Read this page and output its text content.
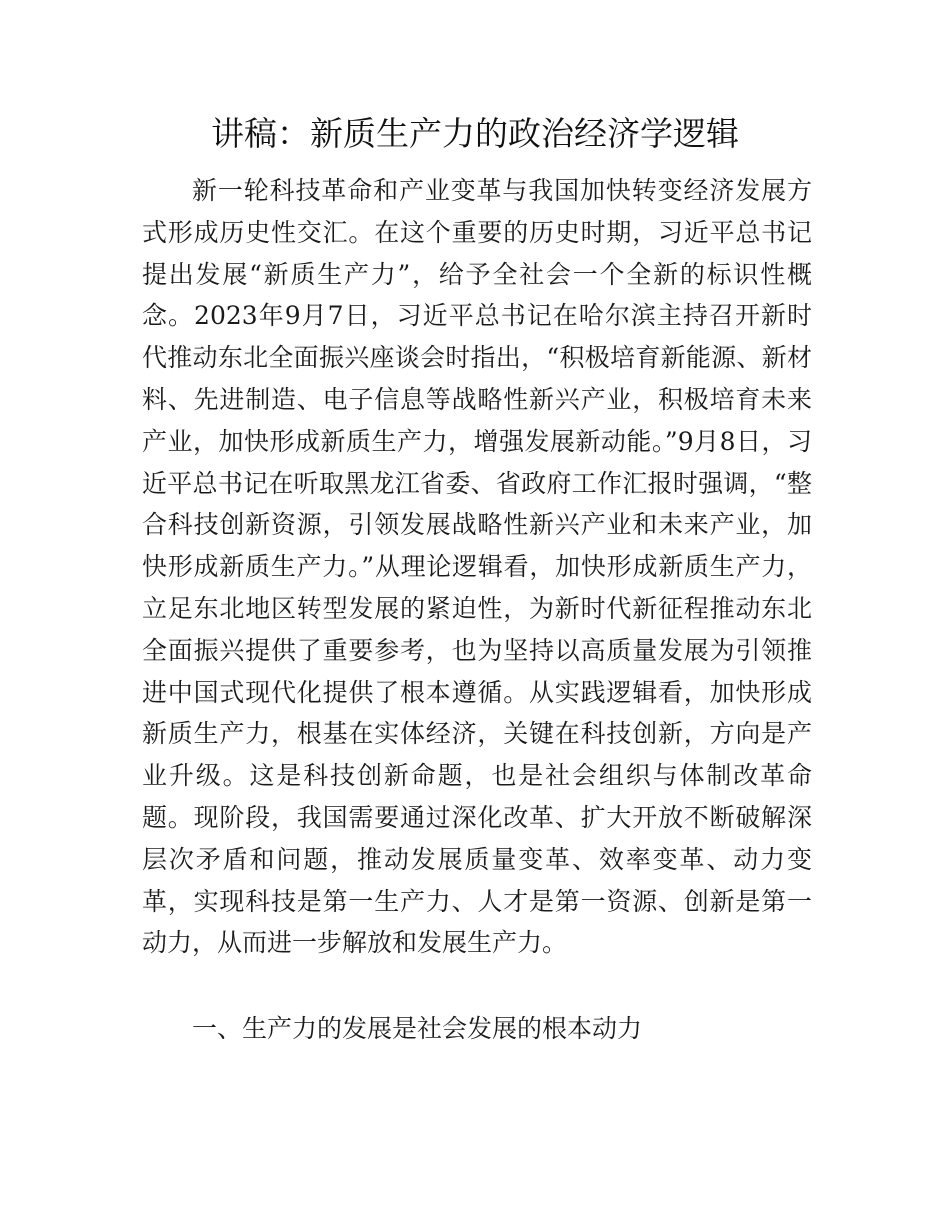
讲稿：新质生产力的政治经济学逻辑

新一轮科技革命和产业变革与我国加快转变经济发展方式形成历史性交汇。在这个重要的历史时期，习近平总书记提出发展“新质生产力”，给予全社会一个全新的标识性概念。2023年9月7日，习近平总书记在哈尔滨主持召开新时代推动东北全面振兴座谈会时指出，“积极培育新能源、新材料、先进制造、电子信息等战略性新兴产业，积极培育未来产业，加快形成新质生产力，增强发展新动能。”9月8日，习近平总书记在听取黑龙江省委、省政府工作汇报时强调，“整合科技创新资源，引领发展战略性新兴产业和未来产业，加快形成新质生产力。”从理论逻辑看，加快形成新质生产力，立足东北地区转型发展的紧迫性，为新时代新征程推动东北全面振兴提供了重要参考，也为坚持以高质量发展为引领推进中国式现代化提供了根本遵循。从实践逻辑看，加快形成新质生产力，根基在实体经济，关键在科技创新，方向是产业升级。这是科技创新命题，也是社会组织与体制改革命题。现阶段，我国需要通过深化改革、扩大开放不断破解深层次矛盾和问题，推动发展质量变革、效率变革、动力变革，实现科技是第一生产力、人才是第一资源、创新是第一动力，从而进一步解放和发展生产力。

一、生产力的发展是社会发展的根本动力
